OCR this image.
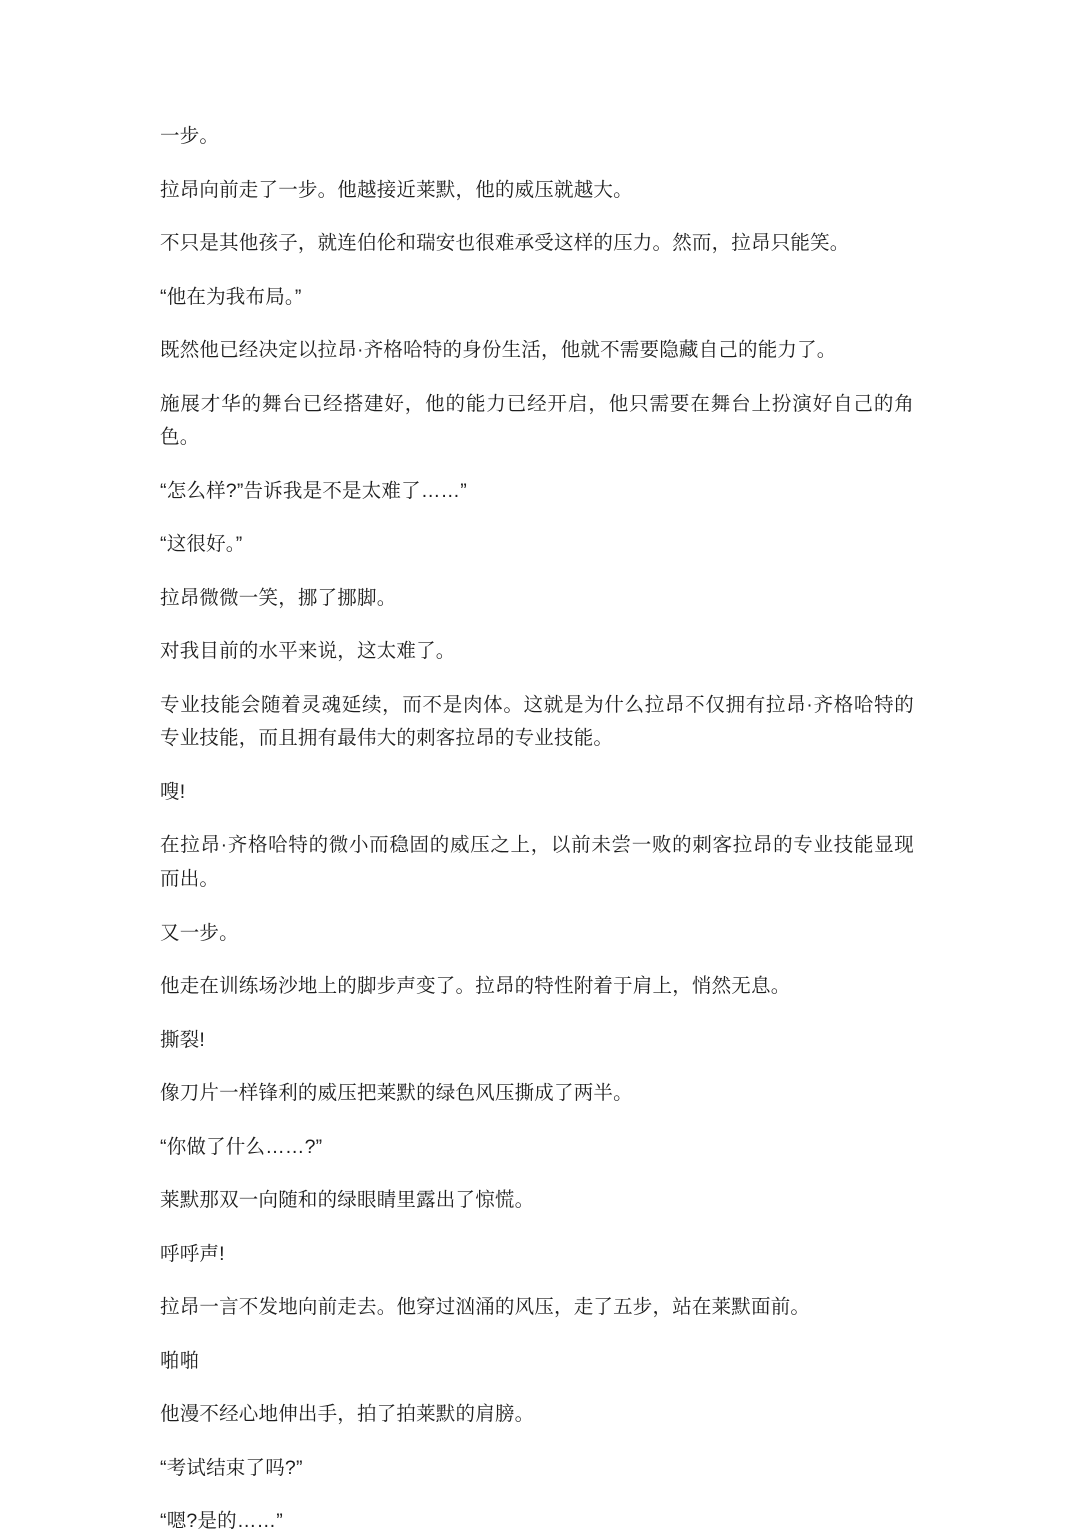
一步。

拉昂向前走了一步。他越接近莱默，他的威压就越大。

不只是其他孩子，就连伯伦和瑞安也很难承受这样的压力。然而，拉昂只能笑。

“他在为我布局。”

既然他已经决定以拉昂·齐格哈特的身份生活，他就不需要隐藏自己的能力了。

施展才华的舞台已经搭建好，他的能力已经开启，他只需要在舞台上扮演好自己的角色。

“怎么样?”告诉我是不是太难了……”

“这很好。”

拉昂微微一笑，挪了挪脚。

对我目前的水平来说，这太难了。

专业技能会随着灵魂延续，而不是肉体。这就是为什么拉昂不仅拥有拉昂·齐格哈特的专业技能，而且拥有最伟大的刺客拉昂的专业技能。

嗖!

在拉昂·齐格哈特的微小而稳固的威压之上，以前未尝一败的刺客拉昂的专业技能显现而出。

又一步。

他走在训练场沙地上的脚步声变了。拉昂的特性附着于肩上，悄然无息。

撕裂!

像刀片一样锋利的威压把莱默的绿色风压撕成了两半。

“你做了什么……?”

莱默那双一向随和的绿眼睛里露出了惊慌。

呼呼声!

拉昂一言不发地向前走去。他穿过汹涌的风压，走了五步，站在莱默面前。

啪啪

他漫不经心地伸出手，拍了拍莱默的肩膀。

“考试结束了吗?”

“嗯?是的……”
